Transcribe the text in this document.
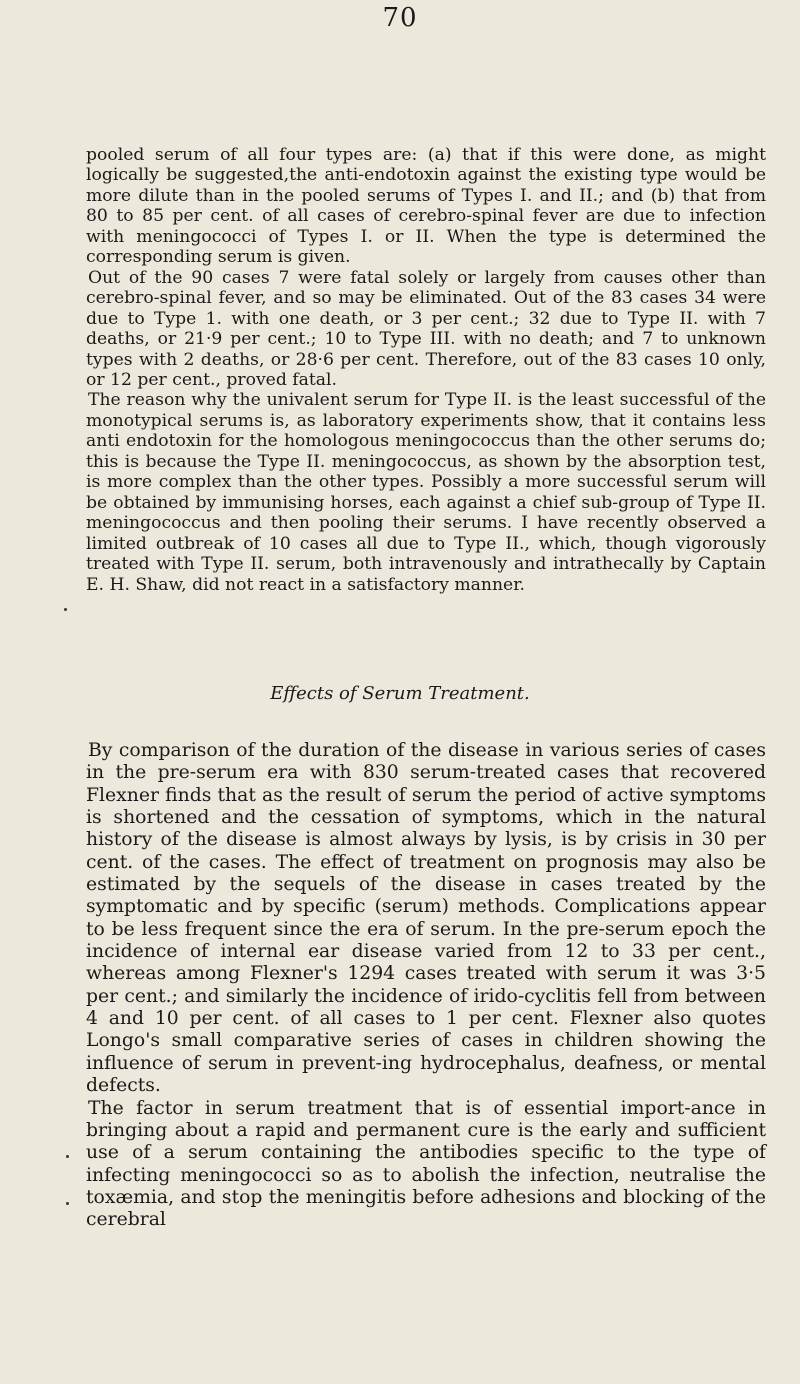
70

pooled serum of all four types are: (a) that if this were done, as might logically be suggested,the anti-endotoxin against the existing type would be more dilute than in the pooled serums of Types I. and II.; and (b) that from 80 to 85 per cent. of all cases of cerebro-spinal fever are due to infection with meningococci of Types I. or II. When the type is determined the corresponding serum is given.

Out of the 90 cases 7 were fatal solely or largely from causes other than cerebro-spinal fever, and so may be eliminated. Out of the 83 cases 34 were due to Type 1. with one death, or 3 per cent.; 32 due to Type II. with 7 deaths, or 21·9 per cent.; 10 to Type III. with no death; and 7 to unknown types with 2 deaths, or 28·6 per cent. Therefore, out of the 83 cases 10 only, or 12 per cent., proved fatal.

The reason why the univalent serum for Type II. is the least successful of the monotypical serums is, as laboratory experiments show, that it contains less anti endotoxin for the homologous meningococcus than the other serums do; this is because the Type II. meningococcus, as shown by the absorption test, is more complex than the other types. Possibly a more successful serum will be obtained by immunising horses, each against a chief sub-group of Type II. meningococcus and then pooling their serums. I have recently observed a limited outbreak of 10 cases all due to Type II., which, though vigorously treated with Type II. serum, both intravenously and intrathecally by Captain E. H. Shaw, did not react in a satisfactory manner.

Effects of Serum Treatment.

By comparison of the duration of the disease in various series of cases in the pre-serum era with 830 serum-treated cases that recovered Flexner finds that as the result of serum the period of active symptoms is shortened and the cessation of symptoms, which in the natural history of the disease is almost always by lysis, is by crisis in 30 per cent. of the cases. The effect of treatment on prognosis may also be estimated by the sequels of the disease in cases treated by the symptomatic and by specific (serum) methods. Complications appear to be less frequent since the era of serum. In the pre-serum epoch the incidence of internal ear disease varied from 12 to 33 per cent., whereas among Flexner's 1294 cases treated with serum it was 3·5 per cent.; and similarly the incidence of irido-cyclitis fell from between 4 and 10 per cent. of all cases to 1 per cent. Flexner also quotes Longo's small comparative series of cases in children showing the influence of serum in prevent-ing hydrocephalus, deafness, or mental defects.

The factor in serum treatment that is of essential import-ance in bringing about a rapid and permanent cure is the early and sufficient use of a serum containing the antibodies specific to the type of infecting meningococci so as to abolish the infection, neutralise the toxæmia, and stop the meningitis before adhesions and blocking of the cerebral
